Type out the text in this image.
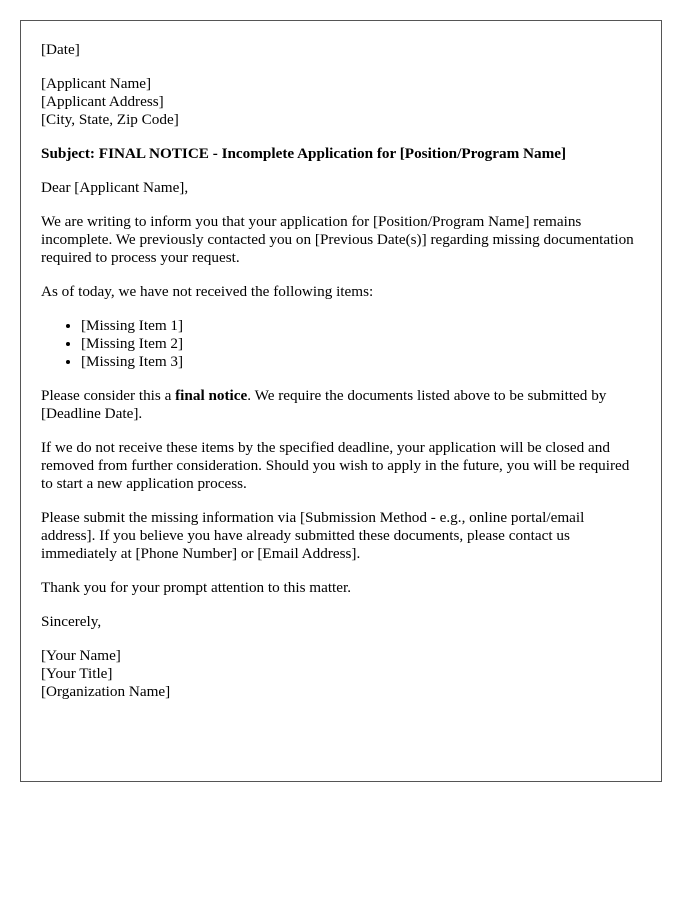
[Date]

[Applicant Name]
[Applicant Address]
[City, State, Zip Code]

Subject: FINAL NOTICE - Incomplete Application for [Position/Program Name]

Dear [Applicant Name],

We are writing to inform you that your application for [Position/Program Name] remains incomplete. We previously contacted you on [Previous Date(s)] regarding missing documentation required to process your request.

As of today, we have not received the following items:

• [Missing Item 1]
• [Missing Item 2]
• [Missing Item 3]

Please consider this a final notice. We require the documents listed above to be submitted by [Deadline Date].

If we do not receive these items by the specified deadline, your application will be closed and removed from further consideration. Should you wish to apply in the future, you will be required to start a new application process.

Please submit the missing information via [Submission Method - e.g., online portal/email address]. If you believe you have already submitted these documents, please contact us immediately at [Phone Number] or [Email Address].

Thank you for your prompt attention to this matter.

Sincerely,

[Your Name]
[Your Title]
[Organization Name]
